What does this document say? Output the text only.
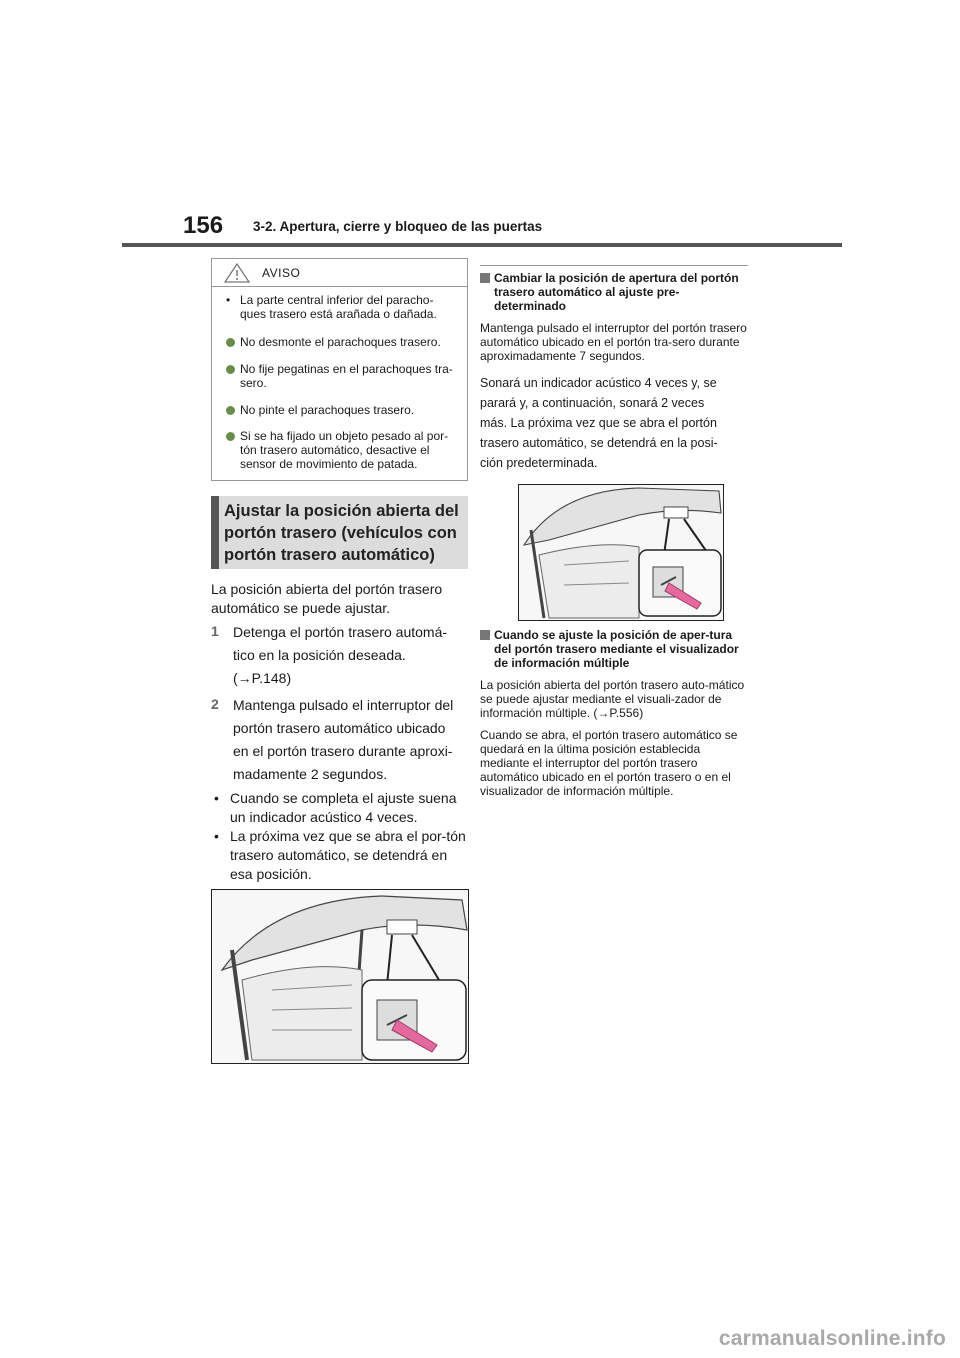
156 3-2. Apertura, cierre y bloqueo de las puertas
AVISO
• La parte central inferior del paracho-ques trasero está arañada o dañada.
No desmonte el parachoques trasero.
No fije pegatinas en el parachoques tra-sero.
No pinte el parachoques trasero.
Si se ha fijado un objeto pesado al por-tón trasero automático, desactive el sensor de movimiento de patada.
Ajustar la posición abierta del
portón trasero (vehículos con
portón trasero automático)
La posición abierta del portón trasero
automático se puede ajustar.
1 Detenga el portón trasero automá-
tico en la posición deseada.
(→P.148)
2 Mantenga pulsado el interruptor del
portón trasero automático ubicado
en el portón trasero durante aproxi-
madamente 2 segundos.
• Cuando se completa el ajuste suena un indicador acústico 4 veces.
• La próxima vez que se abra el por-tón trasero automático, se detendrá en esa posición.
Cambiar la posición de apertura del portón trasero automático al ajuste pre-determinado
Mantenga pulsado el interruptor del portón trasero automático ubicado en el portón tra-sero durante aproximadamente 7 segundos.
Sonará un indicador acústico 4 veces y, se
parará y, a continuación, sonará 2 veces
más. La próxima vez que se abra el portón
trasero automático, se detendrá en la posi-
ción predeterminada.
Cuando se ajuste la posición de aper-tura del portón trasero mediante el visualizador de información múltiple
La posición abierta del portón trasero auto-mático se puede ajustar mediante el visuali-zador de información múltiple. (→P.556)
Cuando se abra, el portón trasero automático se quedará en la última posición establecida mediante el interruptor del portón trasero automático ubicado en el portón trasero o en el visualizador de información múltiple.
carmanualsonline.info
